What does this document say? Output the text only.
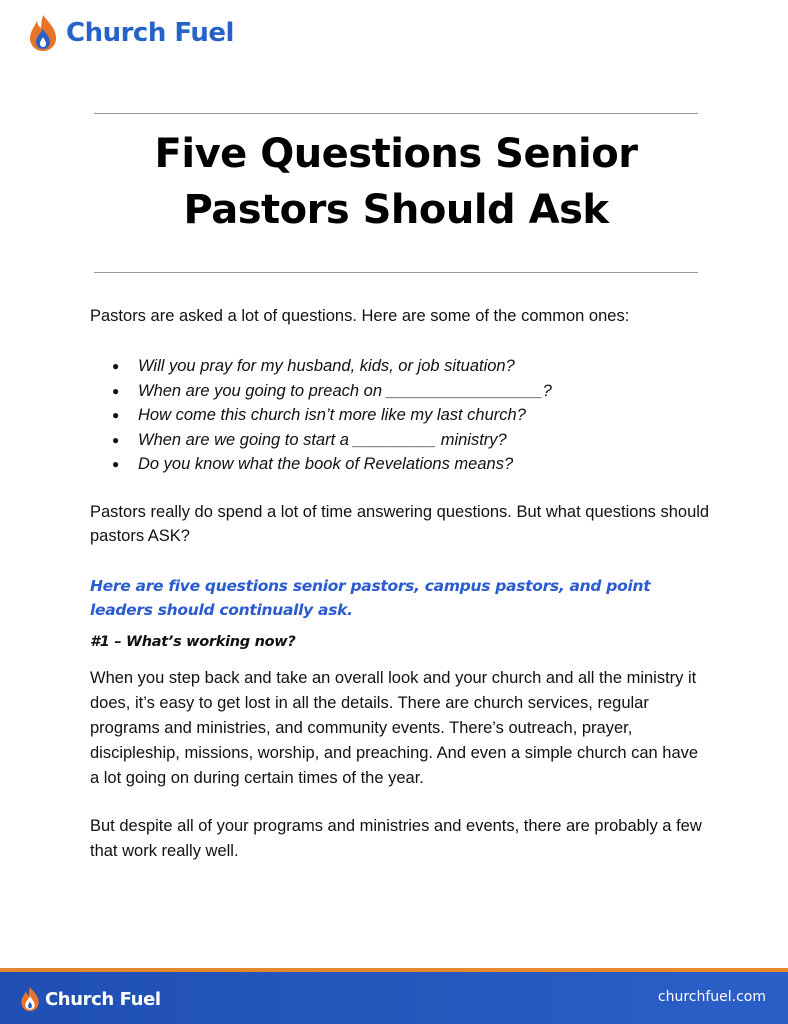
Church Fuel
Five Questions Senior
Pastors Should Ask

Pastors are asked a lot of questions. Here are some of the common ones:

● Will you pray for my husband, kids, or job situation?
● When are you going to preach on _________________?
● How come this church isn’t more like my last church?
● When are we going to start a _________ ministry?
● Do you know what the book of Revelations means?

Pastors really do spend a lot of time answering questions. But what questions should pastors ASK?

Here are five questions senior pastors, campus pastors, and point leaders should continually ask.

#1 – What’s working now?

When you step back and take an overall look and your church and all the ministry it does, it’s easy to get lost in all the details. There are church services, regular programs and ministries, and community events. There’s outreach, prayer, discipleship, missions, worship, and preaching. And even a simple church can have a lot going on during certain times of the year.

But despite all of your programs and ministries and events, there are probably a few that work really well.

Church Fuel	churchfuel.com
